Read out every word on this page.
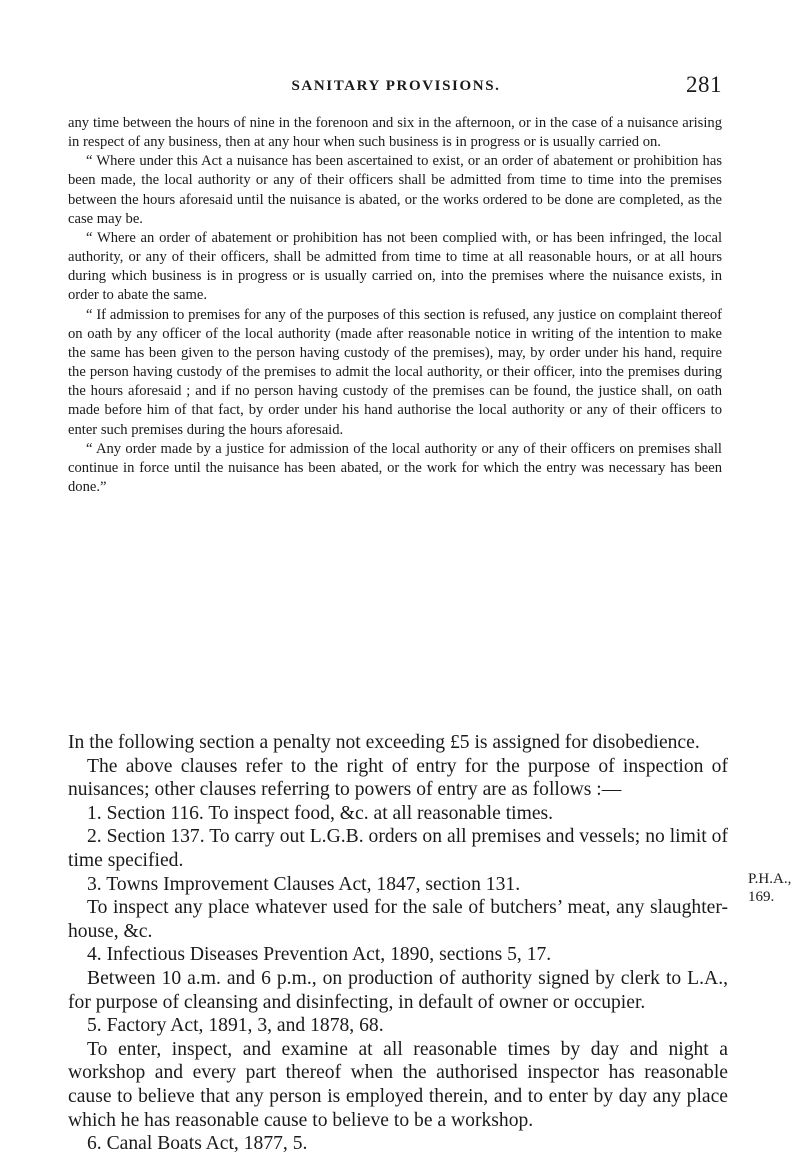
SANITARY PROVISIONS.	281

any time between the hours of nine in the forenoon and six in the afternoon, or in the case of a nuisance arising in respect of any business, then at any hour when such business is in progress or is usually carried on.

“ Where under this Act a nuisance has been ascertained to exist, or an order of abatement or prohibition has been made, the local authority or any of their officers shall be admitted from time to time into the premises between the hours aforesaid until the nuisance is abated, or the works ordered to be done are completed, as the case may be.

“ Where an order of abatement or prohibition has not been complied with, or has been infringed, the local authority, or any of their officers, shall be admitted from time to time at all reasonable hours, or at all hours during which business is in progress or is usually carried on, into the premises where the nuisance exists, in order to abate the same.

“ If admission to premises for any of the purposes of this section is refused, any justice on complaint thereof on oath by any officer of the local authority (made after reasonable notice in writing of the intention to make the same has been given to the person having custody of the premises), may, by order under his hand, require the person having custody of the premises to admit the local authority, or their officer, into the premises during the hours aforesaid ; and if no person having custody of the premises can be found, the justice shall, on oath made before him of that fact, by order under his hand authorise the local authority or any of their officers to enter such premises during the hours aforesaid.

“ Any order made by a justice for admission of the local authority or any of their officers on premises shall continue in force until the nuisance has been abated, or the work for which the entry was necessary has been done.”

In the following section a penalty not exceeding £5 is assigned for disobedience.

The above clauses refer to the right of entry for the purpose of inspection of nuisances; other clauses referring to powers of entry are as follows :—

1. Section 116. To inspect food, &c. at all reasonable times.

2. Section 137. To carry out L.G.B. orders on all premises and vessels; no limit of time specified.

3. Towns Improvement Clauses Act, 1847, section 131.

To inspect any place whatever used for the sale of butchers’ meat, any slaughter-house, &c.

4. Infectious Diseases Prevention Act, 1890, sections 5, 17.

Between 10 a.m. and 6 p.m., on production of authority signed by clerk to L.A., for purpose of cleansing and disinfecting, in default of owner or occupier.

5. Factory Act, 1891, 3, and 1878, 68.

To enter, inspect, and examine at all reasonable times by day and night a workshop and every part thereof when the authorised inspector has reasonable cause to believe that any person is employed therein, and to enter by day any place which he has reasonable cause to believe to be a workshop.

6. Canal Boats Act, 1877, 5.

P.H.A.,
169.
